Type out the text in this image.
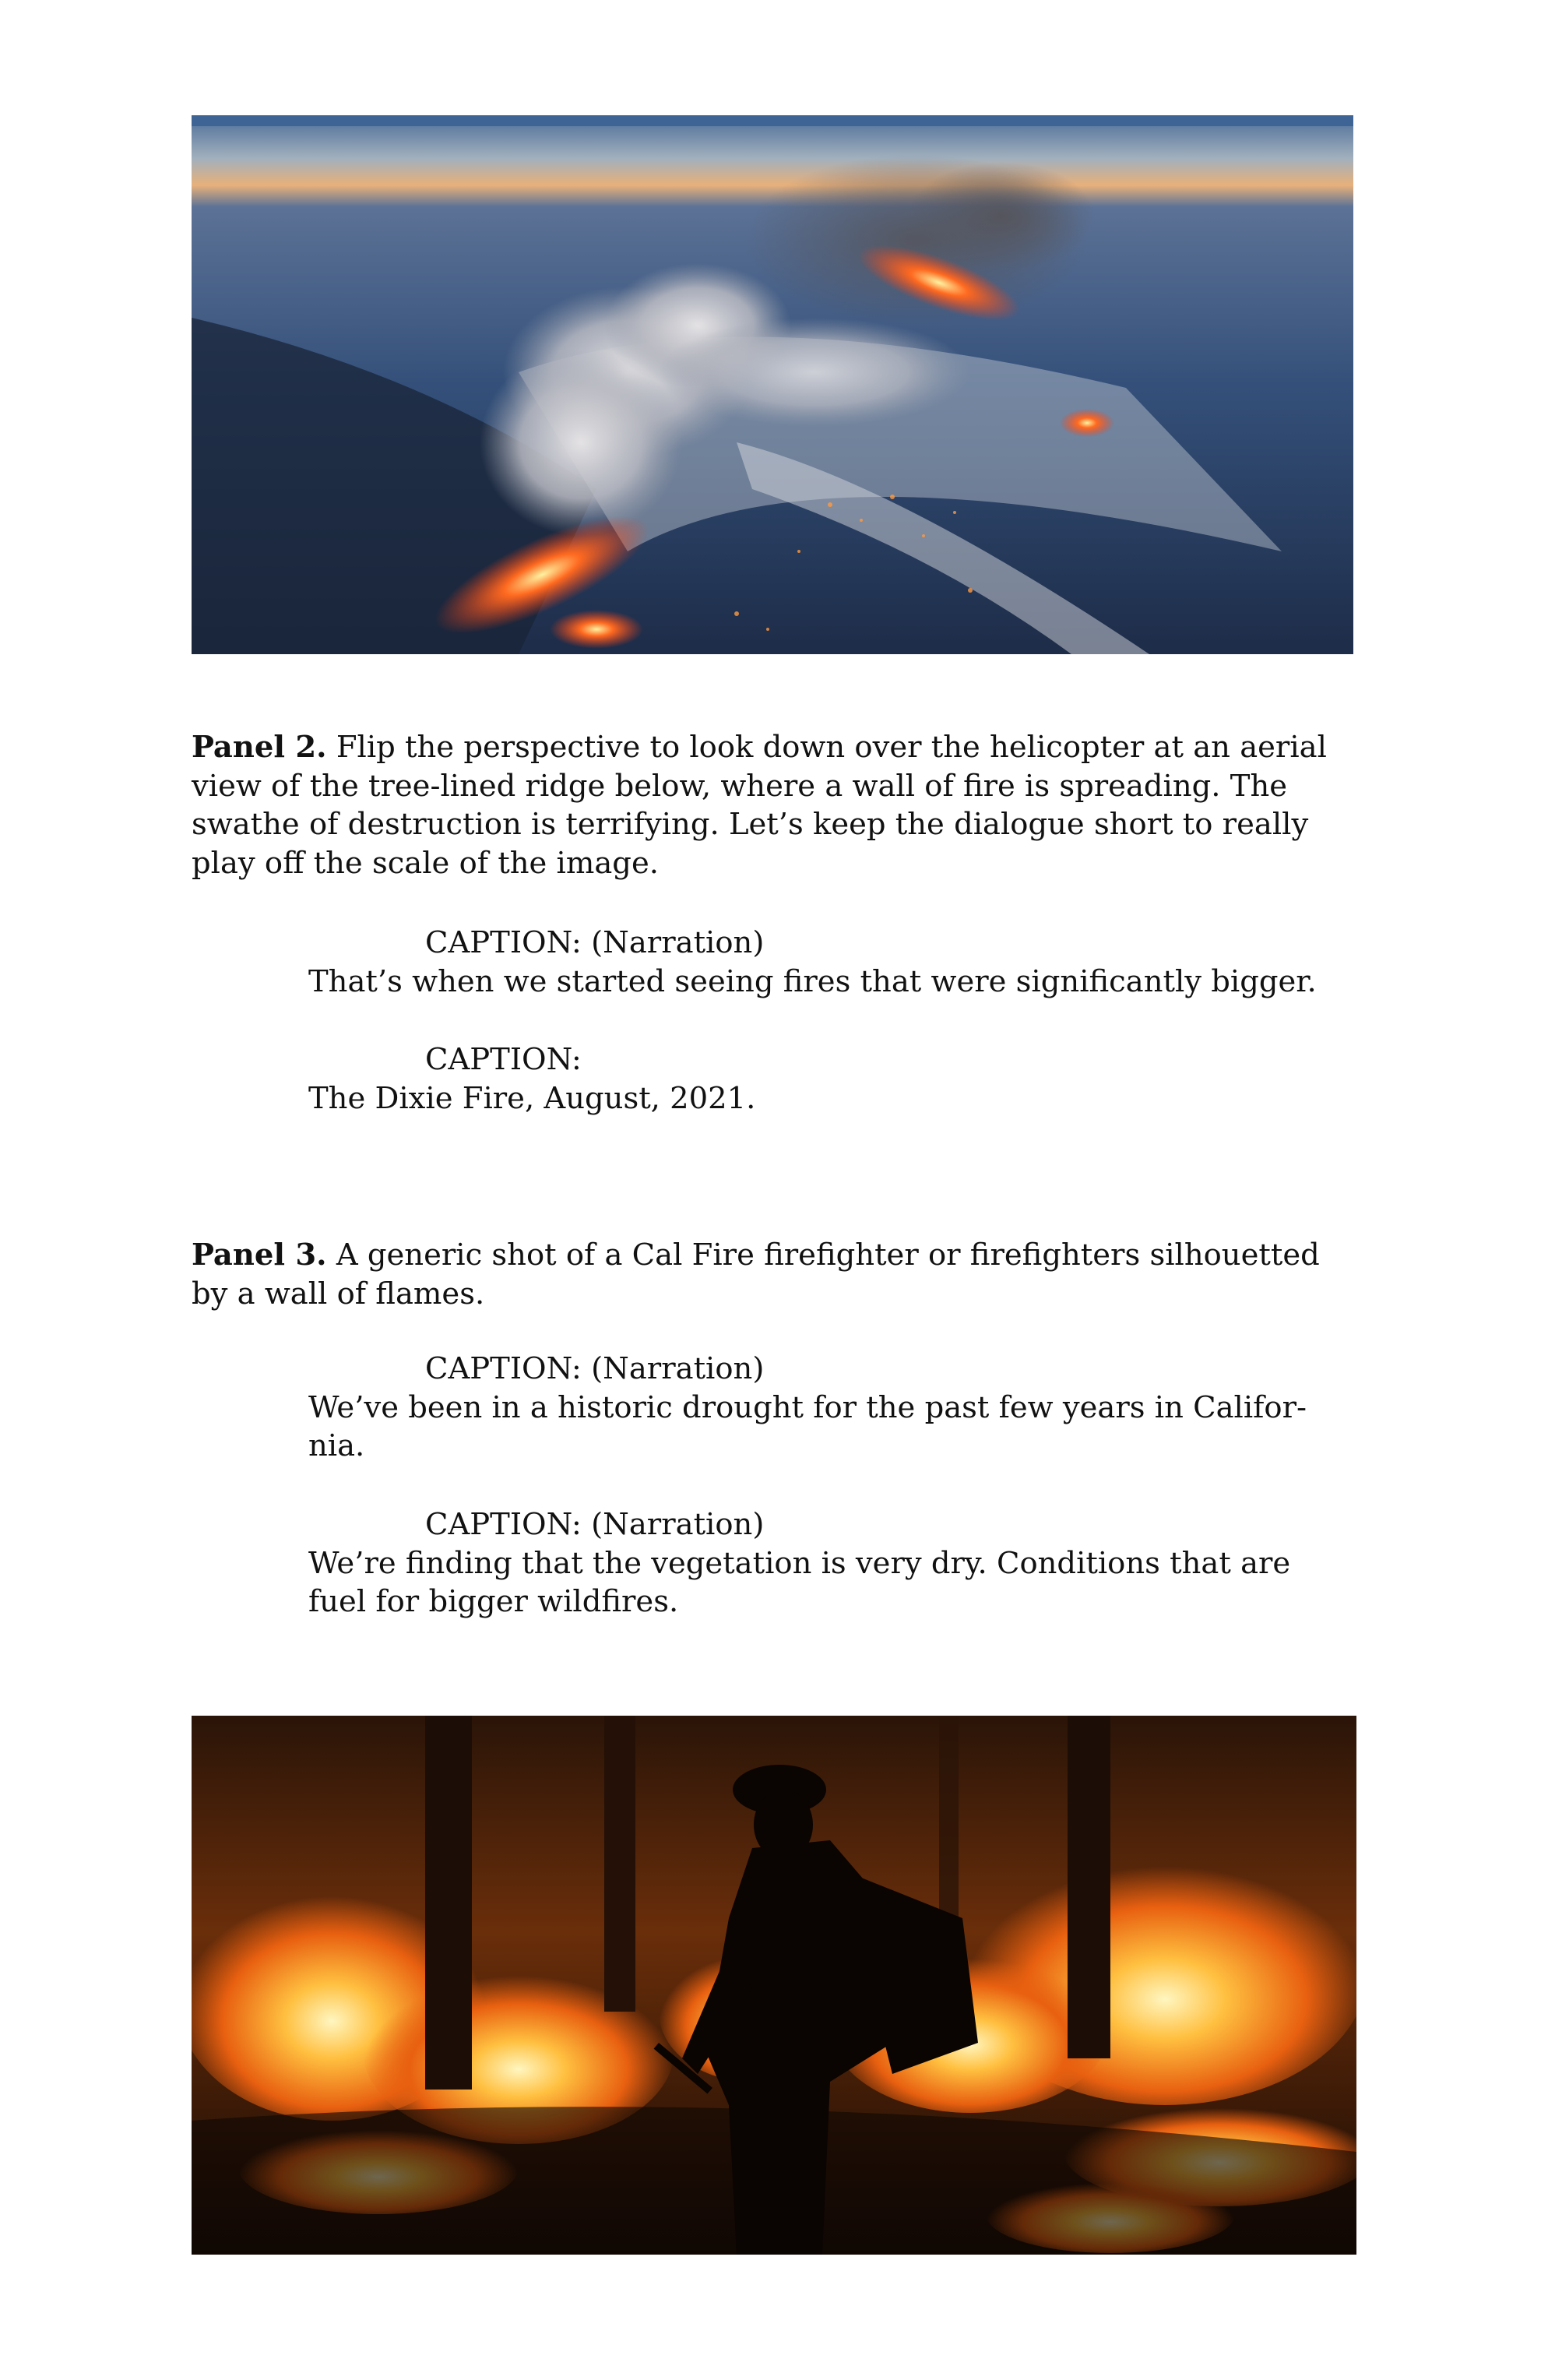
Panel 2. Flip the perspective to look down over the helicopter at an aerial view of the tree-lined ridge below, where a wall of fire is spreading. The swathe of destruction is terrifying. Let’s keep the dialogue short to really play off the scale of the image.
CAPTION: (Narration)
That’s when we started seeing fires that were significantly bigger.
CAPTION:
The Dixie Fire, August, 2021.
Panel 3. A generic shot of a Cal Fire firefighter or firefighters silhouetted by a wall of flames.
CAPTION: (Narration)
We’ve been in a historic drought for the past few years in Califor-nia.
CAPTION: (Narration)
We’re finding that the vegetation is very dry. Conditions that are fuel for bigger wildfires.
